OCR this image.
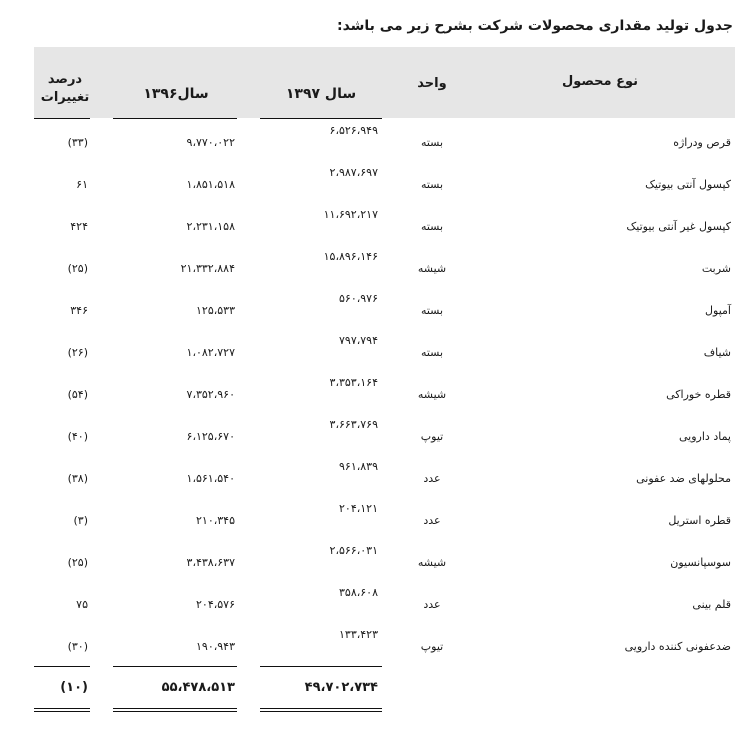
جدول تولید مقداری محصولات شرکت بشرح زیر می باشد:
نوع محصول
واحد
سال ۱۳۹۷
سال۱۳۹۶
درصد
تغییرات
قرص ودراژه
بسته
۶،۵۲۶،۹۴۹
۹،۷۷۰،۰۲۲
(۳۳)
کپسول آنتی بیوتیک
بسته
۲،۹۸۷،۶۹۷
۱،۸۵۱،۵۱۸
۶۱
کپسول غیر آنتی بیوتیک
بسته
۱۱،۶۹۲،۲۱۷
۲،۲۳۱،۱۵۸
۴۲۴
شربت
شیشه
۱۵،۸۹۶،۱۴۶
۲۱،۳۳۲،۸۸۴
(۲۵)
آمپول
بسته
۵۶۰،۹۷۶
۱۲۵،۵۳۳
۳۴۶
شیاف
بسته
۷۹۷،۷۹۴
۱،۰۸۲،۷۲۷
(۲۶)
قطره خوراکی
شیشه
۳،۳۵۳،۱۶۴
۷،۳۵۲،۹۶۰
(۵۴)
پماد دارویی
تیوپ
۳،۶۶۳،۷۶۹
۶،۱۲۵،۶۷۰
(۴۰)
محلولهای ضد عفونی
عدد
۹۶۱،۸۳۹
۱،۵۶۱،۵۴۰
(۳۸)
قطره استریل
عدد
۲۰۴،۱۲۱
۲۱۰،۳۴۵
(۳)
سوسپانسیون
شیشه
۲،۵۶۶،۰۳۱
۳،۴۳۸،۶۳۷
(۲۵)
قلم بینی
عدد
۳۵۸،۶۰۸
۲۰۴،۵۷۶
۷۵
ضدعفونی کننده دارویی
تیوپ
۱۳۳،۴۲۳
۱۹۰،۹۴۳
(۳۰)
۴۹،۷۰۲،۷۳۴
۵۵،۴۷۸،۵۱۳
(۱۰)
